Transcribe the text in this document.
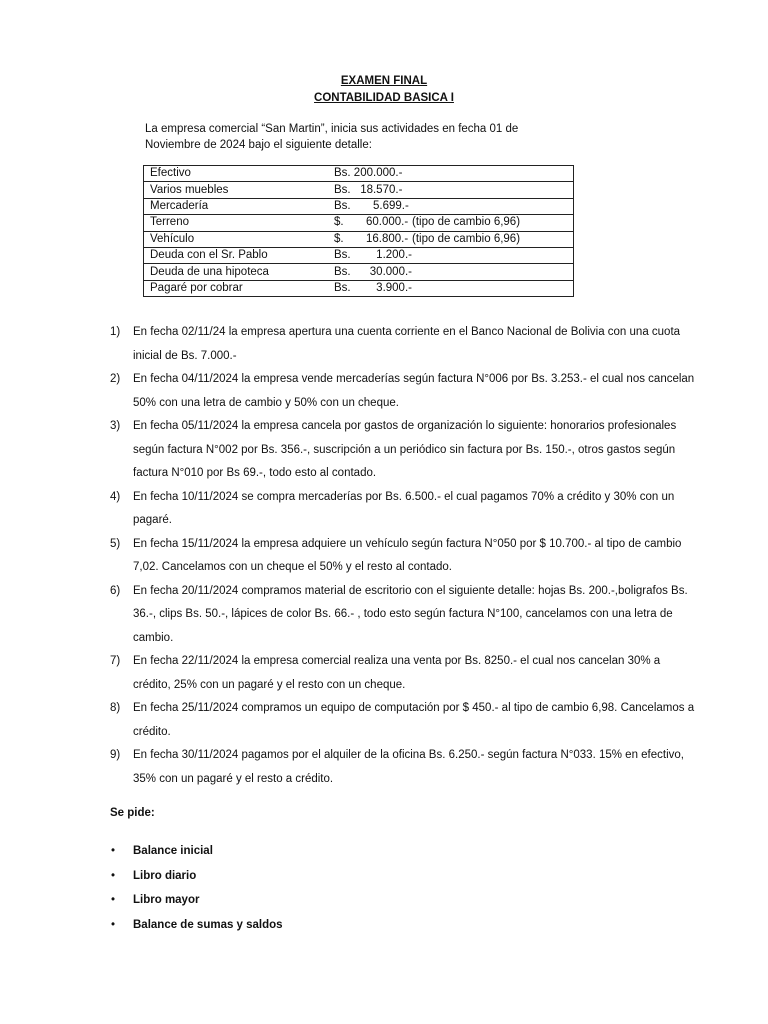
EXAMEN FINAL
CONTABILIDAD BASICA I
La empresa comercial “San Martin”, inicia sus actividades en fecha 01 de
Noviembre de 2024 bajo el siguiente detalle:
Efectivo	Bs. 200.000.-	
Varios muebles	Bs.   18.570.-	
Mercadería	Bs.       5.699.-	
Terreno	$.       60.000.- (tipo de cambio 6,96)	
Vehículo	$.       16.800.- (tipo de cambio 6,96)	
Deuda con el Sr. Pablo	Bs.        1.200.-	
Deuda de una hipoteca	Bs.      30.000.-	
Pagaré por cobrar	Bs.        3.900.-	
1) En fecha 02/11/24 la empresa apertura una cuenta corriente en el Banco Nacional de Bolivia con una cuota inicial de Bs. 7.000.-
2) En fecha 04/11/2024 la empresa vende mercaderías según factura N°006 por Bs. 3.253.- el cual nos cancelan 50% con una letra de cambio y 50% con un cheque.
3) En fecha 05/11/2024 la empresa cancela por gastos de organización lo siguiente: honorarios profesionales según factura N°002 por Bs. 356.-, suscripción a un periódico sin factura por Bs. 150.-, otros gastos según factura N°010 por Bs 69.-, todo esto al contado.
4) En fecha 10/11/2024 se compra mercaderías por Bs. 6.500.- el cual pagamos 70% a crédito y 30% con un pagaré.
5) En fecha 15/11/2024 la empresa adquiere un vehículo según factura N°050 por $ 10.700.- al tipo de cambio 7,02. Cancelamos con un cheque el 50% y el resto al contado.
6) En fecha 20/11/2024 compramos material de escritorio con el siguiente detalle: hojas Bs. 200.-,boligrafos Bs. 36.-, clips Bs. 50.-, lápices de color Bs. 66.- , todo esto según factura N°100, cancelamos con una letra de cambio.
7) En fecha 22/11/2024 la empresa comercial realiza una venta por Bs. 8250.- el cual nos cancelan 30% a crédito, 25% con un pagaré y el resto con un cheque.
8) En fecha 25/11/2024 compramos un equipo de computación por $ 450.- al tipo de cambio 6,98. Cancelamos a crédito.
9) En fecha 30/11/2024 pagamos por el alquiler de la oficina Bs. 6.250.- según factura N°033. 15% en efectivo, 35% con un pagaré y el resto a crédito.
Se pide:
• Balance inicial
• Libro diario
• Libro mayor
• Balance de sumas y saldos
